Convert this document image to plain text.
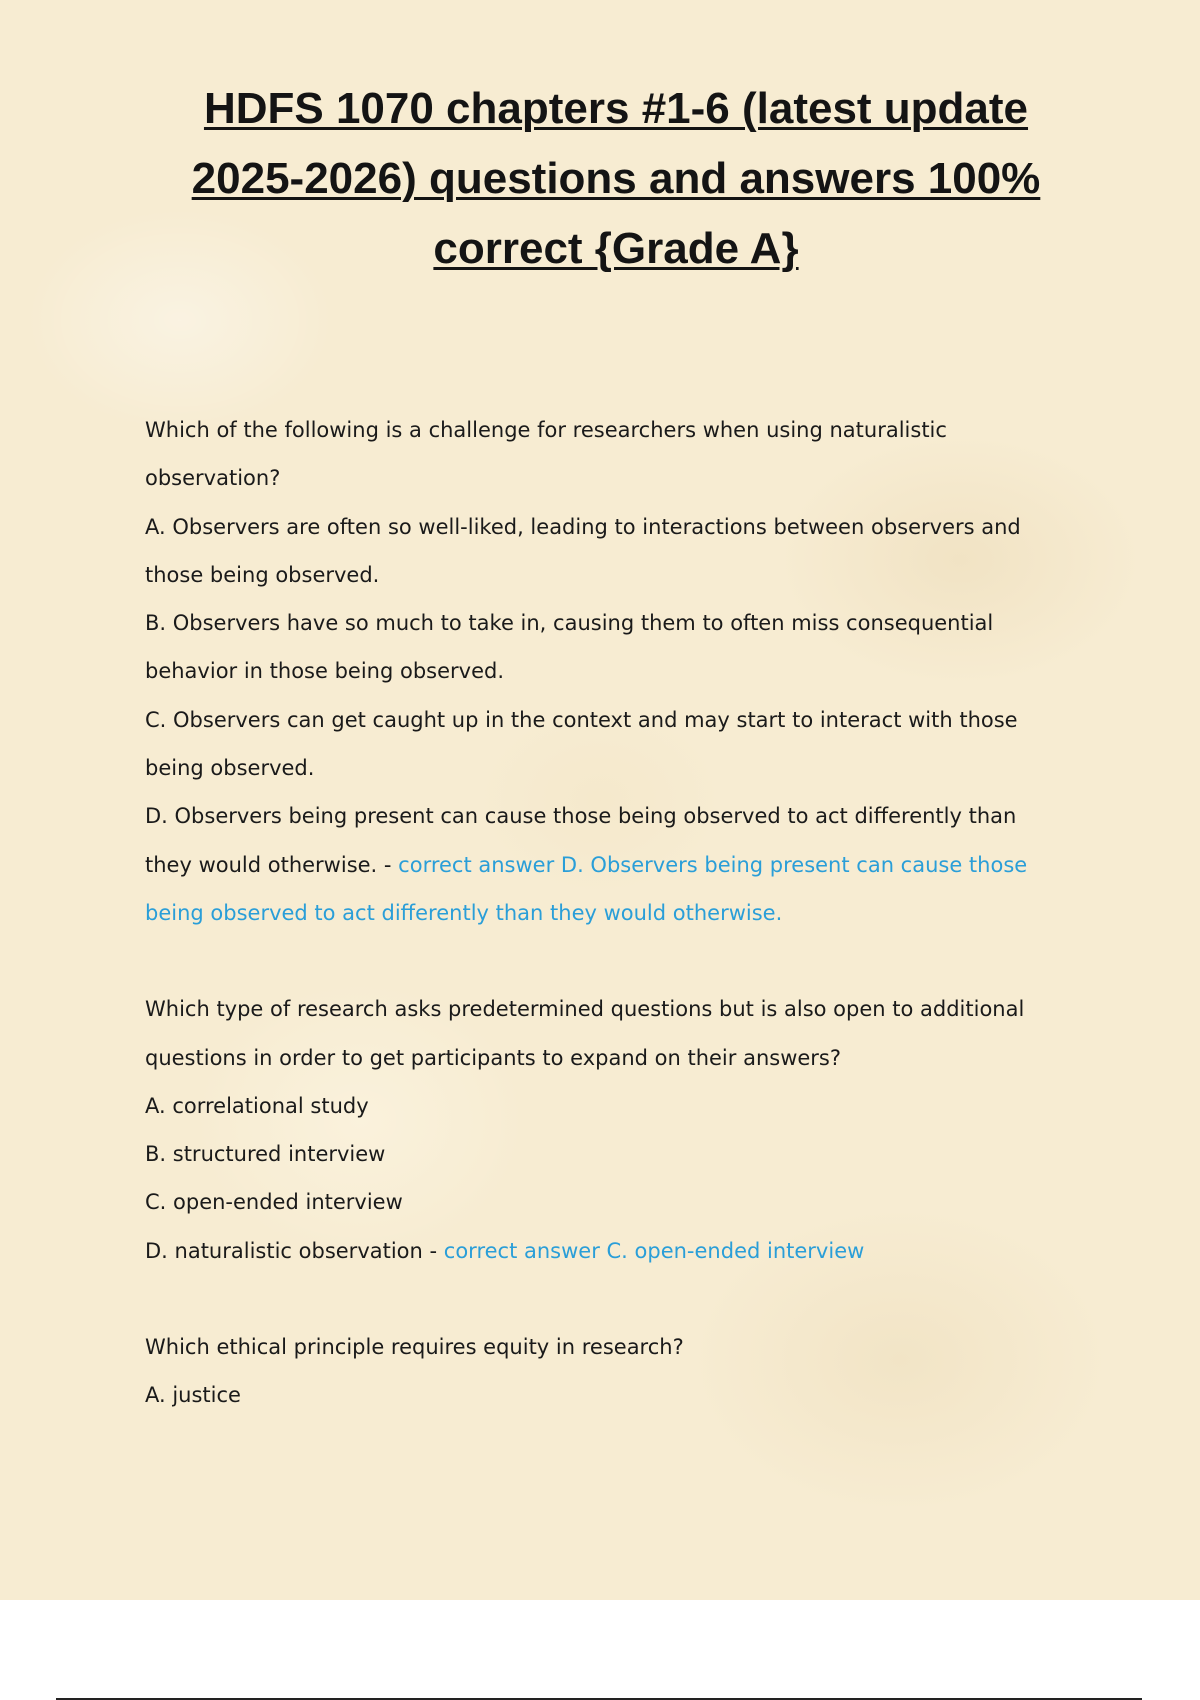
HDFS 1070 chapters #1-6 (latest update 2025-2026) questions and answers 100% correct {Grade A}

Which of the following is a challenge for researchers when using naturalistic observation?

A. Observers are often so well-liked, leading to interactions between observers and those being observed.

B. Observers have so much to take in, causing them to often miss consequential behavior in those being observed.

C. Observers can get caught up in the context and may start to interact with those being observed.

D. Observers being present can cause those being observed to act differently than they would otherwise. - correct answer D. Observers being present can cause those being observed to act differently than they would otherwise.

Which type of research asks predetermined questions but is also open to additional questions in order to get participants to expand on their answers?

A. correlational study

B. structured interview

C. open-ended interview

D. naturalistic observation - correct answer C. open-ended interview

Which ethical principle requires equity in research?

A. justice
